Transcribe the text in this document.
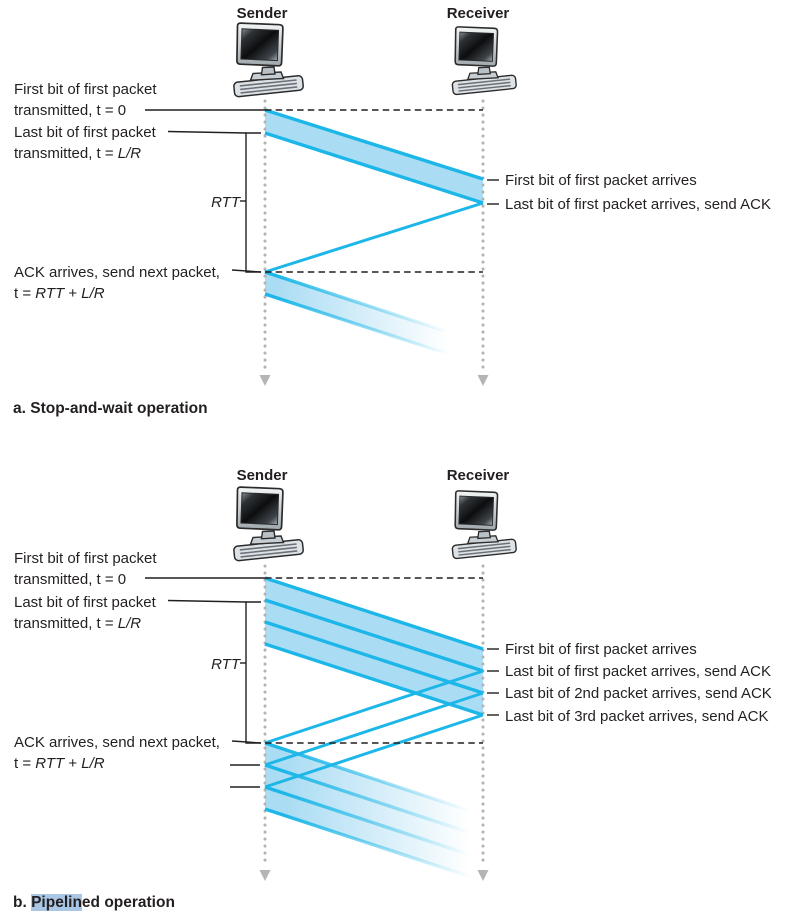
Sender	Receiver
First bit of first packet
transmitted, t = 0
Last bit of first packet
transmitted, t = L/R
RTT
ACK arrives, send next packet,
t = RTT + L/R
First bit of first packet arrives
Last bit of first packet arrives, send ACK
a. Stop-and-wait operation
Sender	Receiver
First bit of first packet
transmitted, t = 0
Last bit of first packet
transmitted, t = L/R
RTT
ACK arrives, send next packet,
t = RTT + L/R
First bit of first packet arrives
Last bit of first packet arrives, send ACK
Last bit of 2nd packet arrives, send ACK
Last bit of 3rd packet arrives, send ACK
b. Pipelined operation
